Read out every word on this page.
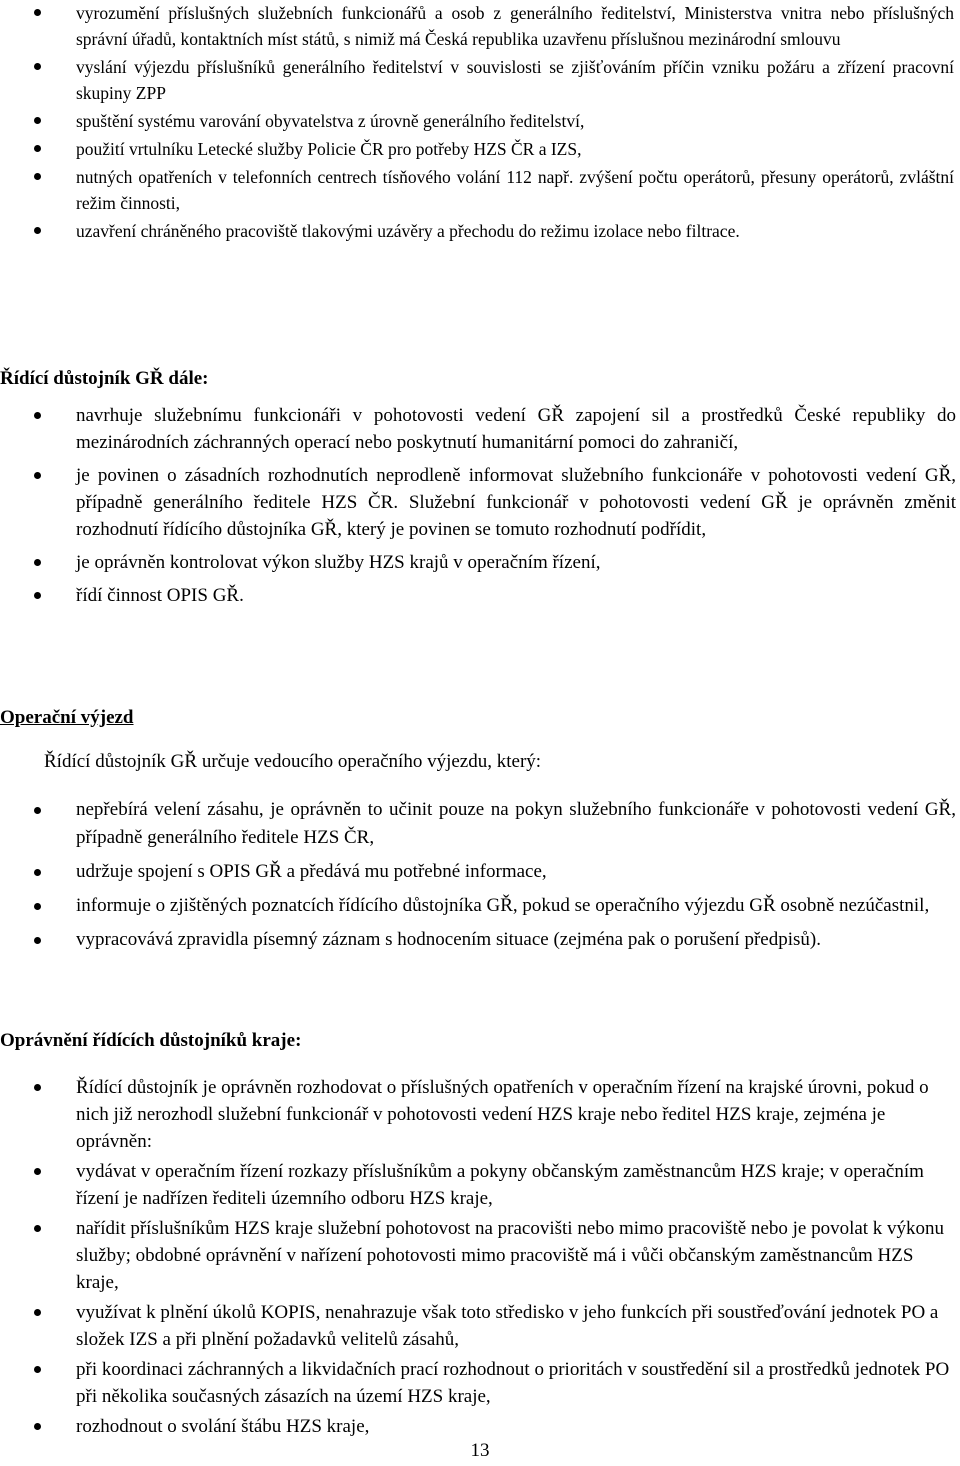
vyrozumění příslušných služebních funkcionářů a osob z generálního ředitelství, Ministerstva vnitra nebo příslušných správní úřadů, kontaktních míst států, s nimiž má Česká republika uzavřenu příslušnou mezinárodní smlouvu

vyslání výjezdu příslušníků generálního ředitelství v souvislosti se zjišťováním příčin vzniku požáru a zřízení pracovní skupiny ZPP

spuštění systému varování obyvatelstva z úrovně generálního ředitelství,

použití vrtulníku Letecké služby Policie ČR pro potřeby HZS ČR a IZS,

nutných opatřeních v telefonních centrech tísňového volání 112 např. zvýšení počtu operátorů, přesuny operátorů, zvláštní režim činnosti,

uzavření chráněného pracoviště tlakovými uzávěry a přechodu do režimu izolace nebo filtrace.

Řídící důstojník GŘ dále:

navrhuje služebnímu funkcionáři v pohotovosti vedení GŘ zapojení sil a prostředků České republiky do mezinárodních záchranných operací nebo poskytnutí humanitární pomoci do zahraničí,

je povinen o zásadních rozhodnutích neprodleně informovat služebního funkcionáře v pohotovosti vedení GŘ, případně generálního ředitele HZS ČR. Služební funkcionář v pohotovosti vedení GŘ je oprávněn změnit rozhodnutí řídícího důstojníka GŘ, který je povinen se tomuto rozhodnutí podřídit,

je oprávněn kontrolovat výkon služby HZS krajů v operačním řízení,

řídí činnost OPIS GŘ.

Operační výjezd

Řídící důstojník GŘ určuje vedoucího operačního výjezdu, který:

nepřebírá velení zásahu, je oprávněn to učinit pouze na pokyn služebního funkcionáře v pohotovosti vedení GŘ, případně generálního ředitele HZS ČR,

udržuje spojení s OPIS GŘ a předává mu potřebné informace,

informuje o zjištěných poznatcích řídícího důstojníka GŘ, pokud se operačního výjezdu GŘ osobně nezúčastnil,

vypracovává zpravidla písemný záznam s hodnocením situace (zejména pak o porušení předpisů).

Oprávnění řídících důstojníků kraje:

Řídící důstojník je oprávněn rozhodovat o příslušných opatřeních v operačním řízení na krajské úrovni, pokud o nich již nerozhodl služební funkcionář v pohotovosti vedení HZS kraje nebo ředitel HZS kraje, zejména je oprávněn:

vydávat v operačním řízení rozkazy příslušníkům a pokyny občanským zaměstnancům HZS kraje; v operačním řízení je nadřízen řediteli územního odboru HZS kraje,

nařídit příslušníkům HZS kraje služební pohotovost na pracovišti nebo mimo pracoviště nebo je povolat k výkonu služby; obdobné oprávnění v nařízení pohotovosti mimo pracoviště má i vůči občanským zaměstnancům HZS kraje,

využívat k plnění úkolů KOPIS, nenahrazuje však toto středisko v jeho funkcích při soustřeďování jednotek PO a složek IZS a při plnění požadavků velitelů zásahů,

při koordinaci záchranných a likvidačních prací rozhodnout o prioritách v soustředění sil a prostředků jednotek PO při několika současných zásazích na území HZS kraje,

rozhodnout o svolání štábu HZS kraje,

13
